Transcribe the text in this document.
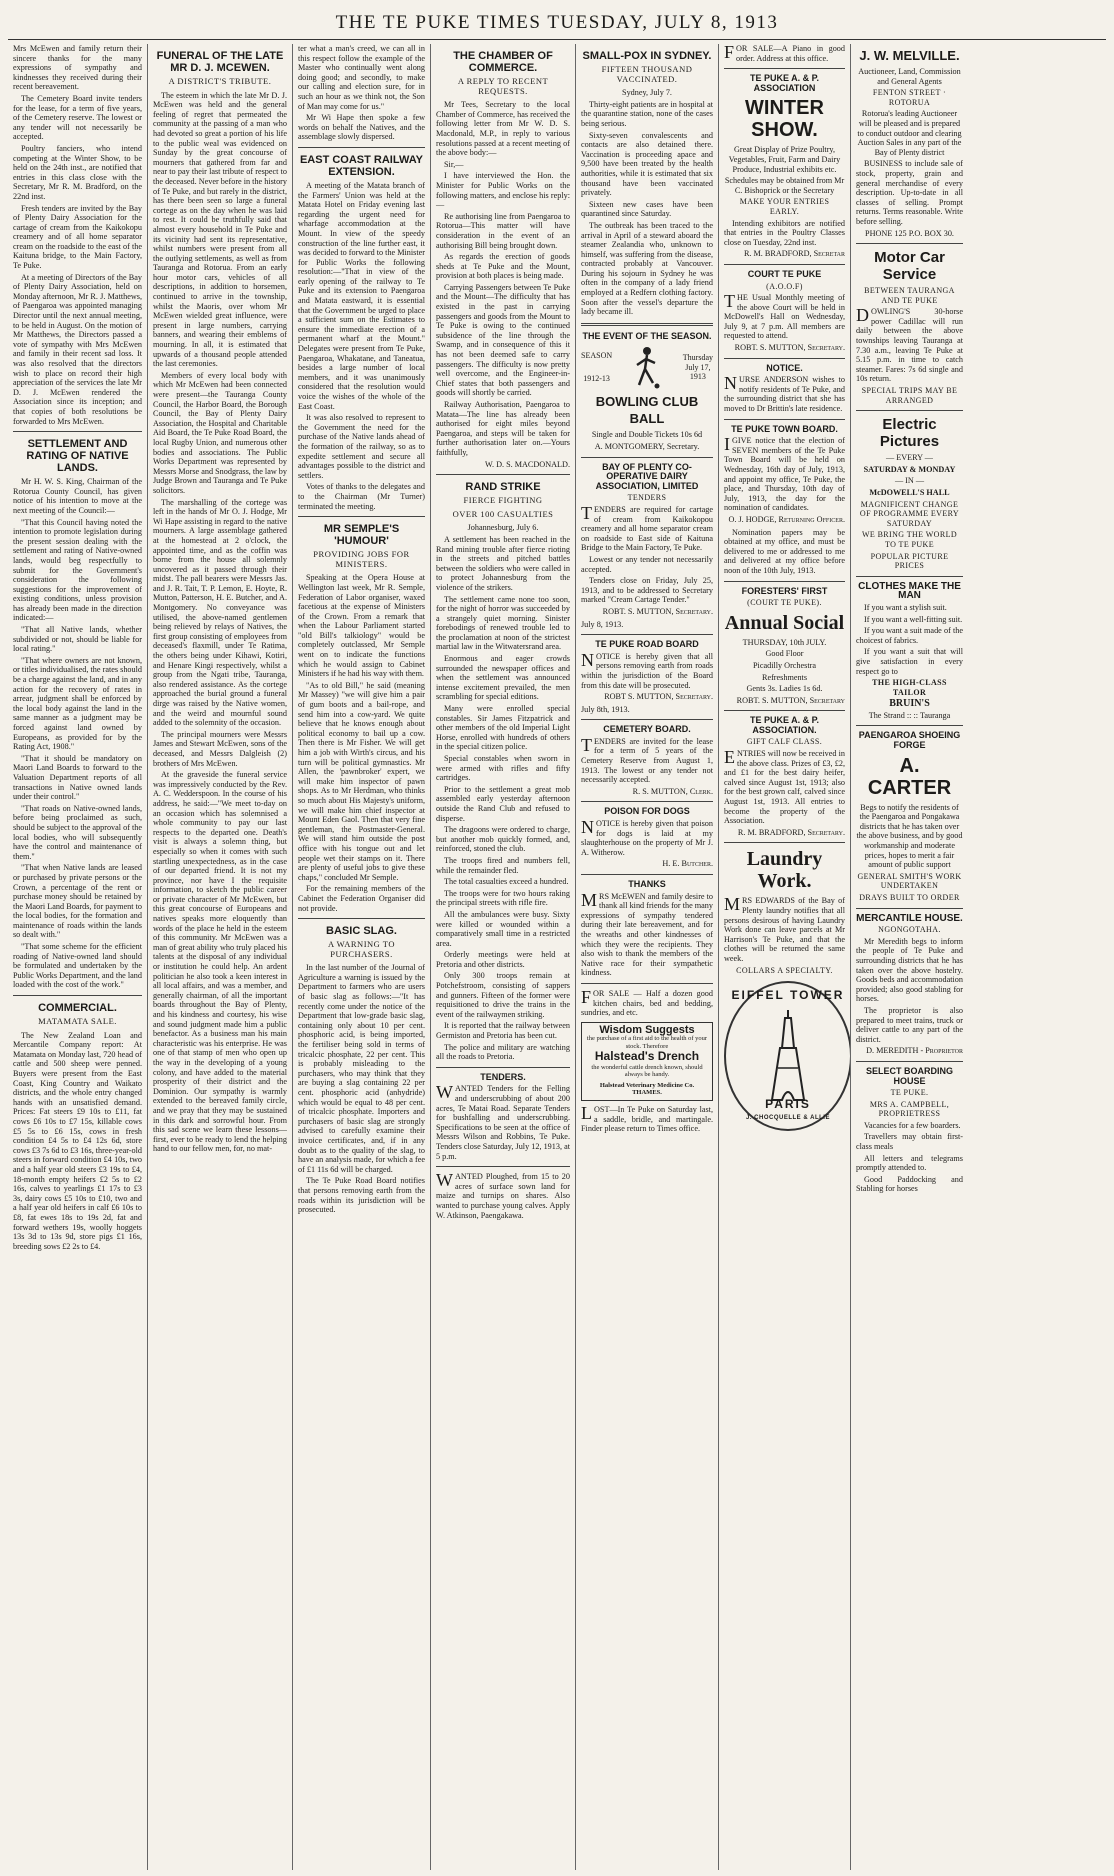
THE TE PUKE TIMES TUESDAY, JULY 8, 1913

Mrs McEwen and family return their sincere thanks for the many expressions of sympathy and kindnesses they received during their recent bereavement.

The Cemetery Board invite tenders for the lease, for a term of five years, of the Cemetery reserve. The lowest or any tender will not necessarily be accepted.

Poultry fanciers, who intend competing at the Winter Show, to be held on the 24th inst., are notified that entries in this class close with the Secretary, Mr R. M. Bradford, on the 22nd inst.

Fresh tenders are invited by the Bay of Plenty Dairy Association for the cartage of cream from the Kaikokopu creamery and of all home separator cream on the roadside to the east of the Kaituna bridge, to the Main Factory, Te Puke.

At a meeting of Directors of the Bay of Plenty Dairy Association, held on Monday afternoon, Mr R. J. Matthews, of Paengaroa was appointed managing Director until the next annual meeting, to be held in August. On the motion of Mr Matthews, the Directors passed a vote of sympathy with Mrs McEwen and family in their recent sad loss. It was also resolved that the directors wish to place on record their high appreciation of the services the late Mr D. J. McEwen rendered the Association since its inception; and that copies of both resolutions be forwarded to Mrs McEwen.

SETTLEMENT AND RATING OF NATIVE LANDS.

Mr H. W. S. King, Chairman of the Rotorua County Council, has given notice of his intention to move at the next meeting of the Council:—

"That this Council having noted the intention to promote legislation during the present session dealing with the settlement and rating of Native-owned lands, would beg respectfully to submit for the Government's consideration the following suggestions for the improvement of existing conditions, unless provision has already been made in the direction indicated:—

"That all Native lands, whether subdivided or not, should be liable for local rating."

"That where owners are not known, or titles individualised, the rates should be a charge against the land, and in any action for the recovery of rates in arrear, judgment shall be enforced by the local body against the land in the same manner as a judgment may be forced against land owned by Europeans, as provided for by the Rating Act, 1908."

"That it should be mandatory on Maori Land Boards to forward to the Valuation Department reports of all transactions in Native owned lands under their control."

"That roads on Native-owned lands, before being proclaimed as such, should be subject to the approval of the local bodies, who will subsequently have the control and maintenance of them."

"That when Native lands are leased or purchased by private persons or the Crown, a percentage of the rent or purchase money should be retained by the Maori Land Boards, for payment to the local bodies, for the formation and maintenance of roads within the lands so dealt with."

"That some scheme for the efficient roading of Native-owned land should be formulated and undertaken by the Public Works Department, and the land loaded with the cost of the work."

COMMERCIAL.
MATAMATA SALE.

The New Zealand Loan and Mercantile Company report: At Matamata on Monday last, 720 head of cattle and 500 sheep were penned. Buyers were present from the East Coast, King Country and Waikato districts, and the whole entry changed hands with an unsatisfied demand. Prices: Fat steers £9 10s to £11, fat cows £6 10s to £7 15s, killable cows £5 5s to £6 15s, cows in fresh condition £4 5s to £4 12s 6d, store cows £3 7s 6d to £3 16s, three-year-old steers in forward condition £4 10s, two and a half year old steers £3 19s to £4, 18-month empty heifers £2 5s to £2 16s, calves to yearlings £1 17s to £3 3s, dairy cows £5 10s to £10, two and a half year old heifers in calf £6 10s to £8, fat ewes 18s to 19s 2d, fat and forward wethers 19s, woolly hoggets 13s 3d to 13s 9d, store pigs £1 16s, breeding sows £2 2s to £4.

FUNERAL OF THE LATE MR D. J. MCEWEN.
A DISTRICT'S TRIBUTE.

The esteem in which the late Mr D. J. McEwen was held and the general feeling of regret that permeated the community at the passing of a man who had devoted so great a portion of his life to the public weal was evidenced on Sunday by the great concourse of mourners that gathered from far and near to pay their last tribute of respect to the deceased. Never before in the history of Te Puke, and but rarely in the district, has there been seen so large a funeral cortege as on the day when he was laid to rest. It could be truthfully said that almost every household in Te Puke and its vicinity had sent its representative, whilst numbers were present from all the outlying settlements, as well as from Tauranga and Rotorua. From an early hour motor cars, vehicles of all descriptions, in addition to horsemen, continued to arrive in the township, whilst the Maoris, over whom Mr McEwen wielded great influence, were present in large numbers, carrying banners, and wearing their emblems of mourning. In all, it is estimated that upwards of a thousand people attended the last ceremonies.

Members of every local body with which Mr McEwen had been connected were present—the Tauranga County Council, the Harbor Board, the Borough Council, the Bay of Plenty Dairy Association, the Hospital and Charitable Aid Board, the Te Puke Road Board, the local Rugby Union, and numerous other bodies and associations. The Public Works Department was represented by Messrs Morse and Snodgrass, the law by Judge Brown and Tauranga and Te Puke solicitors.

The marshalling of the cortege was left in the hands of Mr O. J. Hodge, Mr Wi Hape assisting in regard to the native mourners. A large assemblage gathered at the homestead at 2 o'clock, the appointed time, and as the coffin was borne from the house all solemnly uncovered as it passed through their midst. The pall bearers were Messrs Jas. and J. R. Tait, T. P. Lemon, E. Hoyte, R. Mutton, Patterson, H. E. Butcher, and A. Montgomery. No conveyance was utilised, the above-named gentlemen being relieved by relays of Natives, the first group consisting of employees from deceased's flaxmill, under Te Ratima, the others being under Kihawi, Kotiri, and Henare Kingi respectively, whilst a group from the Ngati tribe, Tauranga, also rendered assistance. As the cortege approached the burial ground a funeral dirge was raised by the Native women, and the weird and mournful sound added to the solemnity of the occasion.

The principal mourners were Messrs James and Stewart McEwen, sons of the deceased, and Messrs Dalgleish (2) brothers of Mrs McEwen.

At the graveside the funeral service was impressively conducted by the Rev. A. C. Wedderspoon. In the course of his address, he said:—"We meet to-day on an occasion which has solemnised a whole community to pay our last respects to the departed one. Death's visit is always a solemn thing, but especially so when it comes with such startling unexpectedness, as in the case of our departed friend. It is not my province, nor have I the requisite information, to sketch the public career or private character of Mr McEwen, but this great concourse of Europeans and natives speaks more eloquently than words of the place he held in the esteem of this community. Mr McEwen was a man of great ability who truly placed his talents at the disposal of any individual or institution he could help. An ardent politician he also took a keen interest in all local affairs, and was a member, and generally chairman, of all the important boards throughout the Bay of Plenty, and his kindness and courtesy, his wise and sound judgment made him a public benefactor. As a business man his main characteristic was his enterprise. He was one of that stamp of men who open up the way in the developing of a young colony, and have added to the material prosperity of their district and the Dominion. Our sympathy is warmly extended to the bereaved family circle, and we pray that they may be sustained in this dark and sorrowful hour. From this sad scene we learn these lessons—first, ever to be ready to lend the helping hand to our fellow men, for, no mat-

ter what a man's creed, we can all in this respect follow the example of the Master who continually went along doing good; and secondly, to make our calling and election sure, for in such an hour as we think not, the Son of Man may come for us."

Mr Wi Hape then spoke a few words on behalf the Natives, and the assemblage slowly dispersed.

EAST COAST RAILWAY EXTENSION.

A meeting of the Matata branch of the Farmers' Union was held at the Matata Hotel on Friday evening last regarding the urgent need for wharfage accommodation at the Mount. In view of the speedy construction of the line further east, it was decided to forward to the Minister for Public Works the following resolution:—"That in view of the early opening of the railway to Te Puke and its extension to Paengaroa and Matata eastward, it is essential that the Government be urged to place a sufficient sum on the Estimates to ensure the immediate erection of a permanent wharf at the Mount." Delegates were present from Te Puke, Paengaroa, Whakatane, and Taneatua, besides a large number of local members, and it was unanimously considered that the resolution would voice the wishes of the whole of the East Coast.

It was also resolved to represent to the Government the need for the purchase of the Native lands ahead of the formation of the railway, so as to expedite settlement and secure all advantages possible to the district and settlers.

Votes of thanks to the delegates and to the Chairman (Mr Turner) terminated the meeting.

MR SEMPLE'S 'HUMOUR'
PROVIDING JOBS FOR MINISTERS.

Speaking at the Opera House at Wellington last week, Mr R. Semple, Federation of Labor organiser, waxed facetious at the expense of Ministers of the Crown. From a remark that when the Labour Parliament started "old Bill's talkiology" would be completely outclassed, Mr Semple went on to indicate the functions which he would assign to Cabinet Ministers if he had his way with them.

"As to old Bill," he said (meaning Mr Massey) "we will give him a pair of gum boots and a bail-rope, and send him into a cow-yard. We quite believe that he knows enough about political economy to bail up a cow. Then there is Mr Fisher. We will get him a job with Wirth's circus, and his turn will be political gymnastics. Mr Allen, the 'pawnbroker' expert, we will make him inspector of pawn shops. As to Mr Herdman, who thinks so much about His Majesty's uniform, we will make him chief inspector at Mount Eden Gaol. Then that very fine gentleman, the Postmaster-General. We will stand him outside the post office with his tongue out and let people wet their stamps on it. There are plenty of useful jobs to give these chaps," concluded Mr Semple.

For the remaining members of the Cabinet the Federation Organiser did not provide.

BASIC SLAG.
A WARNING TO PURCHASERS.

In the last number of the Journal of Agriculture a warning is issued by the Department to farmers who are users of basic slag as follows:—"It has recently come under the notice of the Department that low-grade basic slag, containing only about 10 per cent. phosphoric acid, is being imported, the fertiliser being sold in terms of tricalcic phosphate, 22 per cent. This is probably misleading to the purchasers, who may think that they are buying a slag containing 22 per cent. phosphoric acid (anhydride) which would be equal to 48 per cent. of tricalcic phosphate. Importers and purchasers of basic slag are strongly advised to carefully examine their invoice certificates, and, if in any doubt as to the quality of the slag, to have an analysis made, for which a fee of £1 11s 6d will be charged.

The Te Puke Road Board notifies that persons removing earth from the roads within its jurisdiction will be prosecuted.

THE CHAMBER OF COMMERCE.
A REPLY TO RECENT REQUESTS.

Mr Tees, Secretary to the local Chamber of Commerce, has received the following letter from Mr W. D. S. Macdonald, M.P., in reply to various resolutions passed at a recent meeting of the above body:—

Sir,—

I have interviewed the Hon. the Minister for Public Works on the following matters, and enclose his reply:—

Re authorising line from Paengaroa to Rotorua—This matter will have consideration in the event of an authorising Bill being brought down.

As regards the erection of goods sheds at Te Puke and the Mount, provision at both places is being made.

Carrying Passengers between Te Puke and the Mount—The difficulty that has existed in the past in carrying passengers and goods from the Mount to Te Puke is owing to the continued subsidence of the line through the Swamp, and in consequence of this it has not been deemed safe to carry passengers. The difficulty is now pretty well overcome, and the Engineer-in-Chief states that both passengers and goods will shortly be carried.

Railway Authorisation, Paengaroa to Matata—The line has already been authorised for eight miles beyond Paengaroa, and steps will be taken for further authorisation later on.—Yours faithfully,

W. D. S. MACDONALD.

RAND STRIKE
FIERCE FIGHTING
OVER 100 CASUALTIES

Johannesburg, July 6.

A settlement has been reached in the Rand mining trouble after fierce rioting in the streets and pitched battles between the soldiers who were called in to protect Johannesburg from the violence of the strikers.

The settlement came none too soon, for the night of horror was succeeded by a strangely quiet morning. Sinister forebodings of renewed trouble led to the proclamation at noon of the strictest martial law in the Witwatersrand area.

Enormous and eager crowds surrounded the newspaper offices and when the settlement was announced intense excitement prevailed, the men scrambling for special editions.

Many were enrolled special constables. Sir James Fitzpatrick and other members of the old Imperial Light Horse, enrolled with hundreds of others in the special citizen police.

Special constables when sworn in were armed with rifles and fifty cartridges.

Prior to the settlement a great mob assembled early yesterday afternoon outside the Rand Club and refused to disperse.

The dragoons were ordered to charge, but another mob quickly formed, and, reinforced, stoned the club.

The troops fired and numbers fell, while the remainder fled.

The total casualties exceed a hundred.

The troops were for two hours raking the principal streets with rifle fire.

All the ambulances were busy. Sixty were killed or wounded within a comparatively small time in a restricted area.

Orderly meetings were held at Pretoria and other districts.

Only 300 troops remain at Potchefstroom, consisting of sappers and gunners. Fifteen of the former were requisitioned to drive the trains in the event of the railwaymen striking.

It is reported that the railway between Germiston and Pretoria has been cut.

The police and military are watching all the roads to Pretoria.

TENDERS.

WANTED Tenders for the Felling and underscrubbing of about 200 acres, Te Matai Road. Separate Tenders for bushfalling and underscrubbing. Specifications to be seen at the office of Messrs Wilson and Robbins, Te Puke. Tenders close Saturday, July 12, 1913, at 5 p.m.

WANTED Ploughed, from 15 to 20 acres of surface sown land for maize and turnips on shares. Also wanted to purchase young calves. Apply W. Atkinson, Paengakawa.

SMALL-POX IN SYDNEY.
FIFTEEN THOUSAND VACCINATED.

Sydney, July 7.

Thirty-eight patients are in hospital at the quarantine station, none of the cases being serious.

Sixty-seven convalescents and contacts are also detained there. Vaccination is proceeding apace and 9,500 have been treated by the health authorities, while it is estimated that six thousand have been vaccinated privately.

Sixteen new cases have been quarantined since Saturday.

The outbreak has been traced to the arrival in April of a steward aboard the steamer Zealandia who, unknown to himself, was suffering from the disease, contracted probably at Vancouver. During his sojourn in Sydney he was often in the company of a lady friend employed at a Redfern clothing factory. Soon after the vessel's departure the lady became ill.

THE EVENT OF THE SEASON.
SEASON
1912-13
Thursday
July 17,
1913
BOWLING CLUB BALL

Single and Double Tickets 10s 6d

A. MONTGOMERY, Secretary.

BAY OF PLENTY CO-OPERATIVE DAIRY ASSOCIATION, LIMITED

TENDERS

TENDERS are required for cartage of cream from Kaikokopou creamery and all home separator cream on roadside to East side of Kaituna Bridge to the Main Factory, Te Puke.

Lowest or any tender not necessarily accepted.

Tenders close on Friday, July 25, 1913, and to be addressed to Secretary marked "Cream Cartage Tender."

ROBT. S. MUTTON, Secretary.

July 8, 1913.

TE PUKE ROAD BOARD

NOTICE is hereby given that all persons removing earth from roads within the jurisdiction of the Board from this date will be prosecuted.

ROBT S. MUTTON, Secretary.

July 8th, 1913.

CEMETERY BOARD.

TENDERS are invited for the lease for a term of 5 years of the Cemetery Reserve from August 1, 1913. The lowest or any tender not necessarily accepted.

R. S. MUTTON, Clerk.

POISON FOR DOGS

NOTICE is hereby given that poison for dogs is laid at my slaughterhouse on the property of Mr J. A. Witherow.

H. E. Butcher.

THANKS

MRS McEWEN and family desire to thank all kind friends for the many expressions of sympathy tendered during their late bereavement, and for the wreaths and other kindnesses of which they were the recipients. They also wish to thank the members of the Native race for their sympathetic kindness.

FOR SALE — Half a dozen good kitchen chairs, bed and bedding, sundries, and etc.

Wisdom Suggests
the purchase of a first aid to the health of your stock. Therefore
Halstead's Drench
the wonderful cattle drench known, should always be handy.
Halstead Veterinary Medicine Co. THAMES.

LOST—In Te Puke on Saturday last, a saddle, bridle, and martingale. Finder please return to Times office.

FOR SALE—A Piano in good order. Address at this office.

TE PUKE A. & P. ASSOCIATION
WINTER SHOW.

Great Display of Prize Poultry, Vegetables, Fruit, Farm and Dairy Produce, Industrial exhibits etc.

Schedules may be obtained from Mr C. Bishoprick or the Secretary

MAKE YOUR ENTRIES EARLY.

Intending exhibitors are notified that entries in the Poultry Classes close on Tuesday, 22nd inst.

R. M. BRADFORD, Secretar

COURT TE PUKE

(A.O.O.F)

THE Usual Monthly meeting of the above Court will be held in McDowell's Hall on Wednesday, July 9, at 7 p.m. All members are requested to attend.

ROBT. S. MUTTON, Secretary.

NOTICE.

NURSE ANDERSON wishes to notify residents of Te Puke, and the surrounding district that she has moved to Dr Brittin's late residence.

TE PUKE TOWN BOARD.

IGIVE notice that the election of SEVEN members of the Te Puke Town Board will be held on Wednesday, 16th day of July, 1913, and appoint my office, Te Puke, the place, and Thursday, 10th day of July, 1913, the day for the nomination of candidates.

O. J. HODGE, Returning Officer.

Nomination papers may be obtained at my office, and must be delivered to me or addressed to me and delivered at my office before noon of the 10th July, 1913.

FORESTERS' FIRST

(COURT TE PUKE).

Annual Social

THURSDAY, 10th JULY.

Good Floor

Picadilly Orchestra

Refreshments

Gents 3s. Ladies 1s 6d.

ROBT. S. MUTTON, Secretary

TE PUKE A. & P. ASSOCIATION.

GIFT CALF CLASS.

ENTRIES will now be received in the above class. Prizes of £3, £2, and £1 for the best dairy heifer, calved since August 1st, 1913; also for the best grown calf, calved since August 1st, 1913. All entries to become the property of the Association.

R. M. BRADFORD, Secretary.

Laundry Work.

MRS EDWARDS of the Bay of Plenty laundry notifies that all persons desirous of having Laundry Work done can leave parcels at Mr Harrison's Te Puke, and that the clothes will be returned the same week.

COLLARS A SPECIALTY.

EIFFEL TOWER
PARIS
J. CHOCQUELLE & ALLIE
J. W. MELVILLE.

Auctioneer, Land, Commission and General Agents

FENTON STREET · ROTORUA

Rotorua's leading Auctioneer will be pleased and is prepared to conduct outdoor and clearing Auction Sales in any part of the Bay of Plenty district

BUSINESS to include sale of stock, property, grain and general merchandise of every description. Up-to-date in all classes of selling. Prompt returns. Terms reasonable. Write before selling.

PHONE 125 P.O. BOX 30.

Motor Car Service

BETWEEN TAURANGA AND TE PUKE

DOWLING'S 30-horse power Cadillac will run daily between the above townships leaving Tauranga at 7.30 a.m., leaving Te Puke at 5.15 p.m. in time to catch steamer. Fares: 7s 6d single and 10s return.

SPECIAL TRIPS MAY BE ARRANGED

Electric Pictures

— EVERY —

SATURDAY & MONDAY

— IN —

McDOWELL'S HALL

MAGNIFICENT CHANGE OF PROGRAMME EVERY SATURDAY

WE BRING THE WORLD TO TE PUKE

POPULAR PICTURE PRICES

CLOTHES MAKE THE MAN

If you want a stylish suit.

If you want a well-fitting suit.

If you want a suit made of the choicest of fabrics.

If you want a suit that will give satisfaction in every respect go to

THE HIGH-CLASS TAILOR

BRUIN'S

The Strand :: :: Tauranga

PAENGAROA SHOEING FORGE
A. CARTER

Begs to notify the residents of the Paengaroa and Pongakawa districts that he has taken over the above business, and by good workmanship and moderate prices, hopes to merit a fair amount of public support

GENERAL SMITH'S WORK UNDERTAKEN

DRAYS BUILT TO ORDER

MERCANTILE HOUSE.

NGONGOTAHA.

Mr Meredith begs to inform the people of Te Puke and surrounding districts that he has taken over the above hostelry. Goods beds and accommodation provided; also good stabling for horses.

The proprietor is also prepared to meet trains, truck or deliver cattle to any part of the district.

D. MEREDITH - Proprietor

SELECT BOARDING HOUSE

TE PUKE.

MRS A. CAMPBELL, PROPRIETRESS

Vacancies for a few boarders.

Travellers may obtain first-class meals

All letters and telegrams promptly attended to.

Good Paddocking and Stabling for horses
